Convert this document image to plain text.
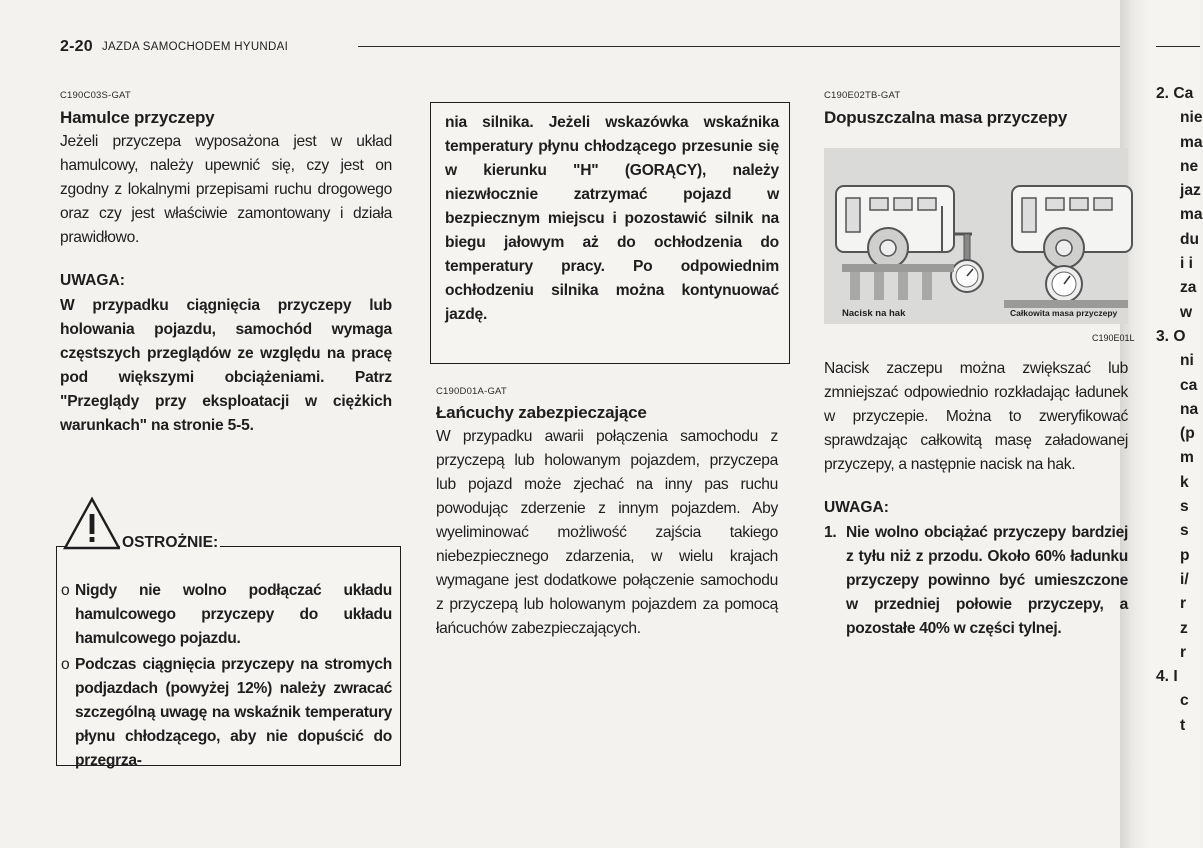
2-20 JAZDA SAMOCHODEM HYUNDAI
C190C03S-GAT
Hamulce przyczepy
Jeżeli przyczepa wyposażona jest w układ hamulcowy, należy upewnić się, czy jest on zgodny z lokalnymi przepisami ruchu drogowego oraz czy jest właściwie zamontowany i działa prawidłowo.
UWAGA:
W przypadku ciągnięcia przyczepy lub holowania pojazdu, samochód wymaga częstszych przeglądów ze względu na pracę pod większymi obciążeniami. Patrz "Przeglądy przy eksploatacji w ciężkich warunkach" na stronie 5-5.
o Nigdy nie wolno podłączać układu hamulcowego przyczepy do układu hamulcowego pojazdu.
o Podczas ciągnięcia przyczepy na stromych podjazdach (powyżej 12%) należy zwracać szczególną uwagę na wskaźnik temperatury płynu chłodzącego, aby nie dopuścić do przegrza-
OSTROŻNIE:
nia silnika. Jeżeli wskazówka wskaźnika temperatury płynu chłodzącego przesunie się w kierunku "H" (GORĄCY), należy niezwłocznie zatrzymać pojazd w bezpiecznym miejscu i pozostawić silnik na biegu jałowym aż do ochłodzenia do temperatury pracy. Po odpowiednim ochłodzeniu silnika można kontynuować jazdę.
C190D01A-GAT
Łańcuchy zabezpieczające
W przypadku awarii połączenia samochodu z przyczepą lub holowanym pojazdem, przyczepa lub pojazd może zjechać na inny pas ruchu powodując zderzenie z innym pojazdem. Aby wyeliminować możliwość zajścia takiego niebezpiecznego zdarzenia, w wielu krajach wymagane jest dodatkowe połączenie samochodu z przyczepą lub holowanym pojazdem za pomocą łańcuchów zabezpieczających.
C190E02TB-GAT
Dopuszczalna masa przyczepy
Nacisk na hak	Całkowita masa przyczepy
C190E01L
Nacisk zaczepu można zwiększać lub zmniejszać odpowiednio rozkładając ładunek w przyczepie. Można to zweryfikować sprawdzając całkowitą masę załadowanej przyczepy, a następnie nacisk na hak.
UWAGA:
1. Nie wolno obciążać przyczepy bardziej z tyłu niż z przodu. Około 60% ładunku przyczepy powinno być umieszczone w przedniej połowie przyczepy, a pozostałe 40% w części tylnej.
2. Ca
nie
ma
ne
jaz
ma
du
i i
za
w
3. O
ni
ca
na
(p
m
k
s
s
p
i/
r
z
r
4. I
c
t
